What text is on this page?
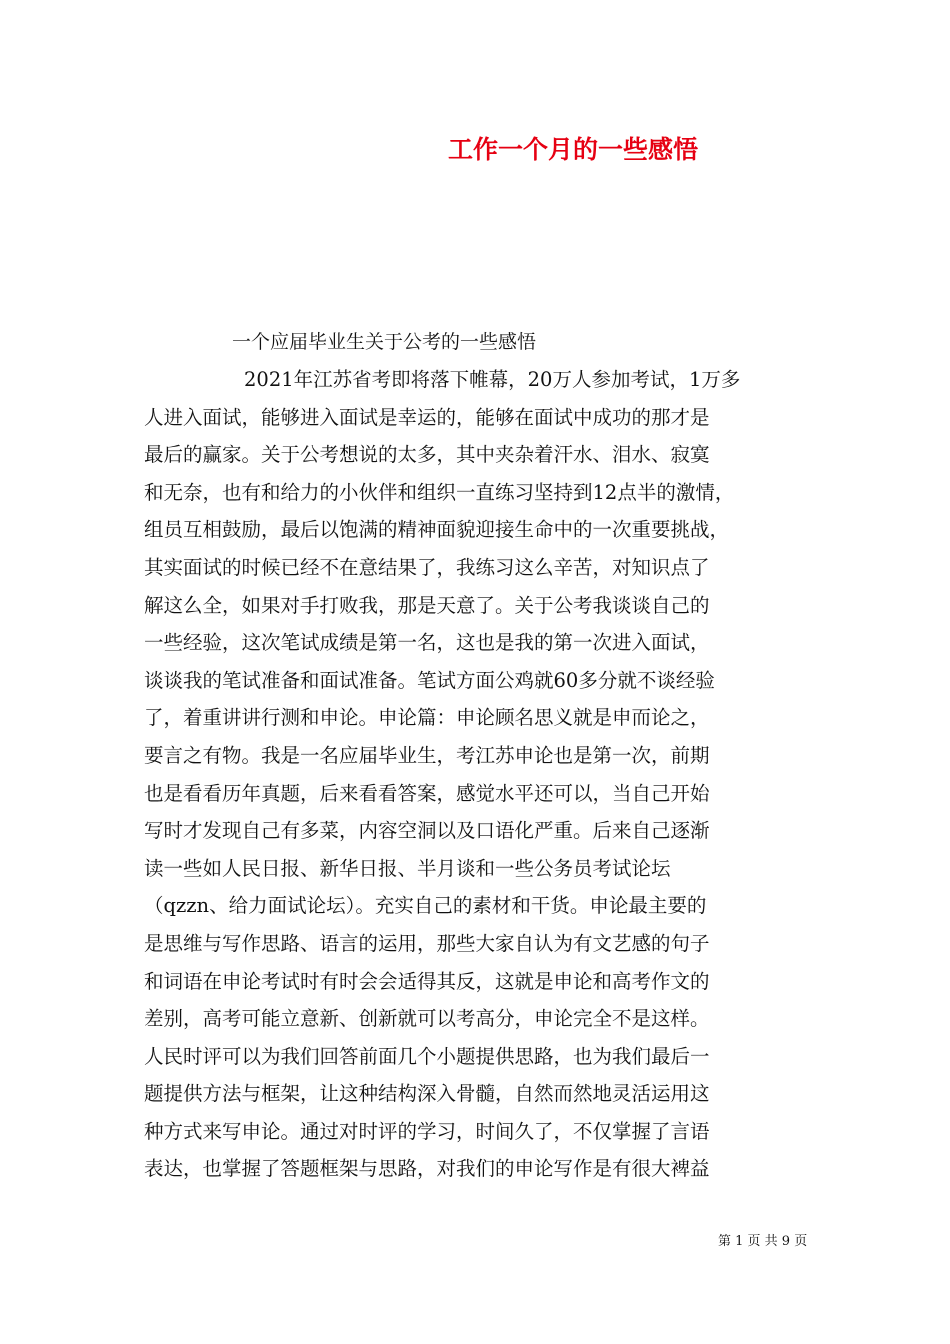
工作一个月的一些感悟

一个应届毕业生关于公考的一些感悟

2021年江苏省考即将落下帷幕，20万人参加考试，1万多
人进入面试，能够进入面试是幸运的，能够在面试中成功的那才是
最后的赢家。关于公考想说的太多，其中夹杂着汗水、泪水、寂寞
和无奈，也有和给力的小伙伴和组织一直练习坚持到12点半的激情，
组员互相鼓励，最后以饱满的精神面貌迎接生命中的一次重要挑战，
其实面试的时候已经不在意结果了，我练习这么辛苦，对知识点了
解这么全，如果对手打败我，那是天意了。关于公考我谈谈自己的
一些经验，这次笔试成绩是第一名，这也是我的第一次进入面试，
谈谈我的笔试准备和面试准备。笔试方面公鸡就60多分就不谈经验
了，着重讲讲行测和申论。申论篇：申论顾名思义就是申而论之，
要言之有物。我是一名应届毕业生，考江苏申论也是第一次，前期
也是看看历年真题，后来看看答案，感觉水平还可以，当自己开始
写时才发现自己有多菜，内容空洞以及口语化严重。后来自己逐渐
读一些如人民日报、新华日报、半月谈和一些公务员考试论坛
（qzzn、给力面试论坛）。充实自己的素材和干货。申论最主要的
是思维与写作思路、语言的运用，那些大家自认为有文艺感的句子
和词语在申论考试时有时会会适得其反，这就是申论和高考作文的
差别，高考可能立意新、创新就可以考高分，申论完全不是这样。
人民时评可以为我们回答前面几个小题提供思路，也为我们最后一
题提供方法与框架，让这种结构深入骨髓，自然而然地灵活运用这
种方式来写申论。通过对时评的学习，时间久了，不仅掌握了言语
表达，也掌握了答题框架与思路，对我们的申论写作是有很大裨益

第 1 页 共 9 页
